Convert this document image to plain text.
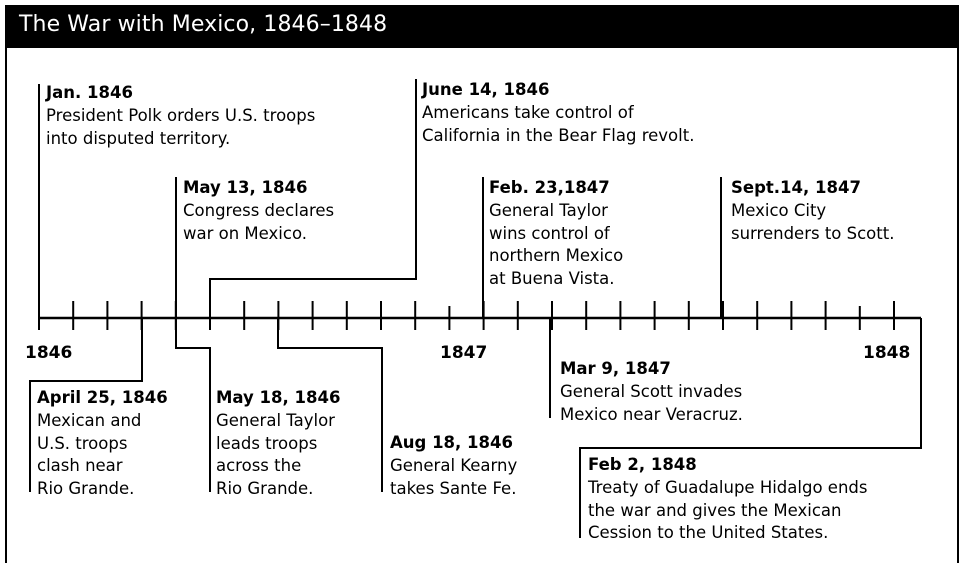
The War with Mexico, 1846–1848
1846	1847	1848
Jan. 1846
President Polk orders U.S. troops
into disputed territory.
June 14, 1846
Americans take control of
California in the Bear Flag revolt.
May 13, 1846
Congress declares
war on Mexico.
Feb. 23,1847
General Taylor
wins control of
northern Mexico
at Buena Vista.
Sept.14, 1847
Mexico City
surrenders to Scott.
April 25, 1846
Mexican and
U.S. troops
clash near
Rio Grande.
May 18, 1846
General Taylor
leads troops
across the
Rio Grande.
Aug 18, 1846
General Kearny
takes Sante Fe.
Mar 9, 1847
General Scott invades
Mexico near Veracruz.
Feb 2, 1848
Treaty of Guadalupe Hidalgo ends
the war and gives the Mexican
Cession to the United States.
